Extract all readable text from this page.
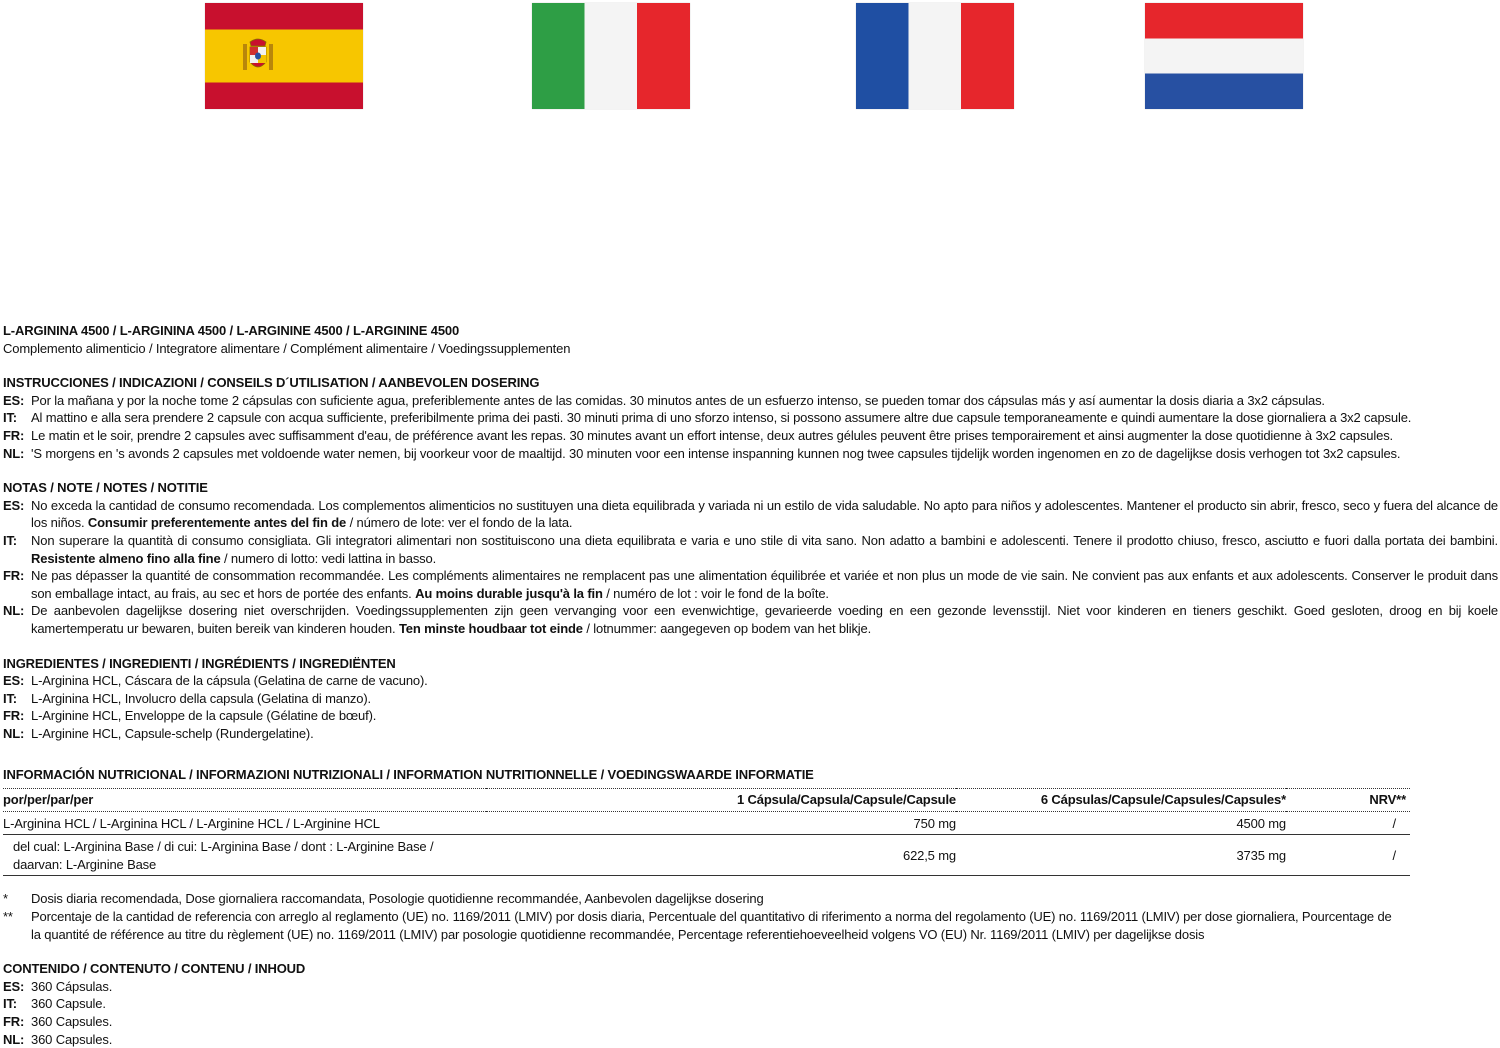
L-ARGININA 4500 / L-ARGININA 4500 / L-ARGININE 4500 / L-ARGININE 4500
Complemento alimenticio / Integratore alimentare / Complément alimentaire / Voedingssupplementen
INSTRUCCIONES / INDICAZIONI / CONSEILS D´UTILISATION / AANBEVOLEN DOSERING
ES: Por la mañana y por la noche tome 2 cápsulas con suficiente agua, preferiblemente antes de las comidas. 30 minutos antes de un esfuerzo intenso, se pueden tomar dos cápsulas más y así aumentar la dosis diaria a 3x2 cápsulas.
IT:	Al mattino e alla sera prendere 2 capsule con acqua sufficiente, preferibilmente prima dei pasti. 30 minuti prima di uno sforzo intenso, si possono assumere altre due capsule temporaneamente e quindi aumentare la dose giornaliera a 3x2 capsule.
FR: Le matin et le soir, prendre 2 capsules avec suffisamment d'eau, de préférence avant les repas. 30 minutes avant un effort intense, deux autres gélules peuvent être prises temporairement et ainsi augmenter la dose quotidienne à 3x2 capsules.
NL: 'S morgens en 's avonds 2 capsules met voldoende water nemen, bij voorkeur voor de maaltijd. 30 minuten voor een intense inspanning kunnen nog twee capsules tijdelijk worden ingenomen en zo de dagelijkse dosis verhogen tot 3x2 capsules.
NOTAS / NOTE / NOTES / NOTITIE
ES: No exceda la cantidad de consumo recomendada. Los complementos alimenticios no sustituyen una dieta equilibrada y variada ni un estilo de vida saludable. No apto para niños y adolescentes. Mantener el producto sin abrir, fresco, seco y fuera del alcance de los niños. Consumir preferentemente antes del fin de / número de lote: ver el fondo de la lata.
IT:	Non superare la quantità di consumo consigliata. Gli integratori alimentari non sostituiscono una dieta equilibrata e varia e uno stile di vita sano. Non adatto a bambini e adolescenti. Tenere il prodotto chiuso, fresco, asciutto e fuori dalla portata dei bambini. Resistente almeno fino alla fine / numero di lotto: vedi lattina in basso.
FR: Ne pas dépasser la quantité de consommation recommandée. Les compléments alimentaires ne remplacent pas une alimentation équilibrée et variée et non plus un mode de vie sain. Ne convient pas aux enfants et aux adolescents. Conserver le produit dans son emballage intact, au frais, au sec et hors de portée des enfants. Au moins durable jusqu'à la fin / numéro de lot : voir le fond de la boîte.
NL: De aanbevolen dagelijkse dosering niet overschrijden. Voedingssupplementen zijn geen vervanging voor een evenwichtige, gevarieerde voeding en een gezonde levensstijl. Niet voor kinderen en tieners geschikt. Goed gesloten, droog en bij koele kamertemperatu ur bewaren, buiten bereik van kinderen houden. Ten minste houdbaar tot einde / lotnummer: aangegeven op bodem van het blikje.
INGREDIENTES / INGREDIENTI / INGRÉDIENTS / INGREDIËNTEN
ES: L-Arginina HCL, Cáscara de la cápsula (Gelatina de carne de vacuno).
IT:	L-Arginina HCL, Involucro della capsula (Gelatina di manzo).
FR: L-Arginine HCL, Enveloppe de la capsule (Gélatine de bœuf).
NL: L-Arginine HCL, Capsule-schelp (Rundergelatine).
INFORMACIÓN NUTRICIONAL / INFORMAZIONI NUTRIZIONALI / INFORMATION NUTRITIONNELLE / VOEDINGSWAARDE INFORMATIE
por/per/par/per	1 Cápsula/Capsula/Capsule/Capsule	6 Cápsulas/Capsule/Capsules/Capsules*	NRV**
L-Arginina HCL / L-Arginina HCL / L-Arginine HCL / L-Arginine HCL	750 mg	4500 mg	/
del cual: L-Arginina Base / di cui: L-Arginina Base / dont : L-Arginine Base / daarvan: L-Arginine Base	622,5 mg	3735 mg	/
*	Dosis diaria recomendada, Dose giornaliera raccomandata, Posologie quotidienne recommandée, Aanbevolen dagelijkse dosering
**	Porcentaje de la cantidad de referencia con arreglo al reglamento (UE) no. 1169/2011 (LMIV) por dosis diaria, Percentuale del quantitativo di riferimento a norma del regolamento (UE) no. 1169/2011 (LMIV) per dose giornaliera, Pourcentage de la quantité de référence au titre du règlement (UE) no. 1169/2011 (LMIV) par posologie quotidienne recommandée, Percentage referentiehoeveelheid volgens VO (EU) Nr. 1169/2011 (LMIV) per dagelijkse dosis
CONTENIDO / CONTENUTO / CONTENU / INHOUD
ES: 360 Cápsulas.
IT:	360 Capsule.
FR: 360 Capsules.
NL: 360 Capsules.
